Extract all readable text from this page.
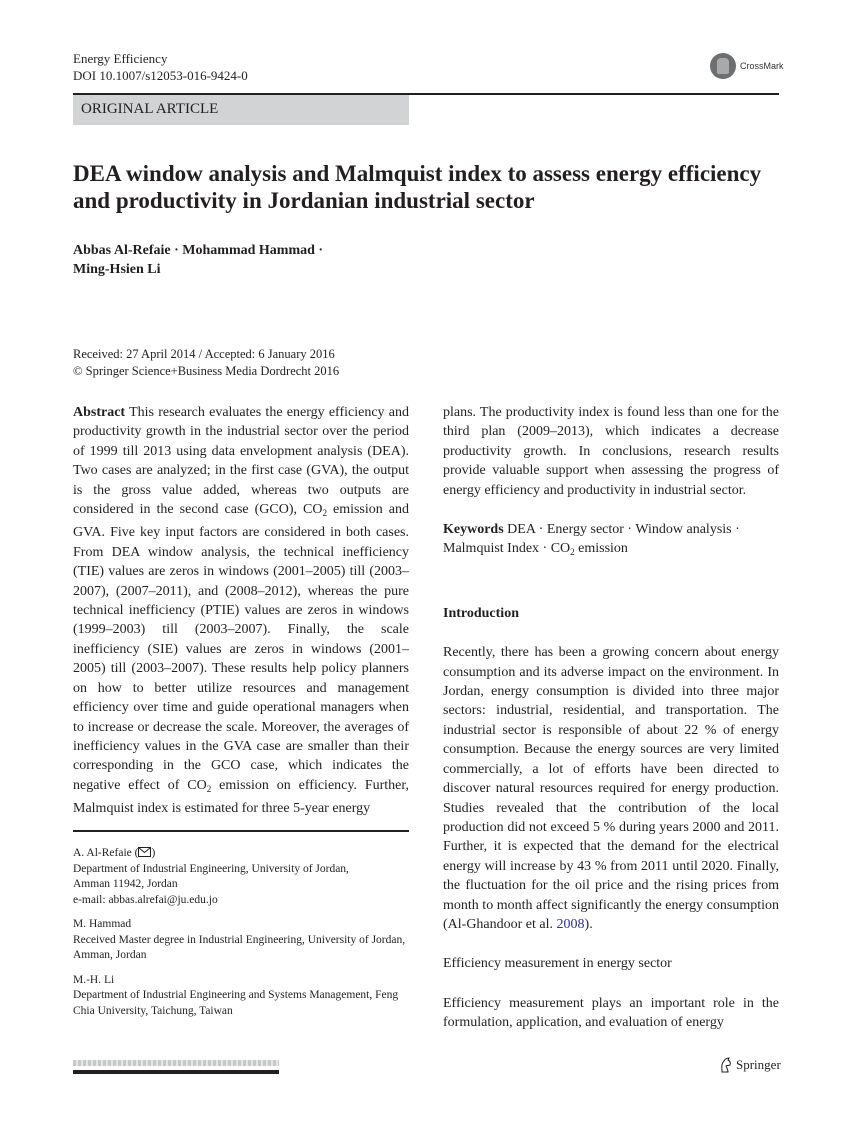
Energy Efficiency
DOI 10.1007/s12053-016-9424-0
CrossMark
ORIGINAL ARTICLE
DEA window analysis and Malmquist index to assess energy efficiency and productivity in Jordanian industrial sector
Abbas Al-Refaie · Mohammad Hammad ·
Ming-Hsien Li
Received: 27 April 2014 / Accepted: 6 January 2016
© Springer Science+Business Media Dordrecht 2016

Abstract This research evaluates the energy efficiency and productivity growth in the industrial sector over the period of 1999 till 2013 using data envelopment analysis (DEA). Two cases are analyzed; in the first case (GVA), the output is the gross value added, whereas two outputs are considered in the second case (GCO), $CO_2$ emission and GVA. Five key input factors are considered in both cases. From DEA window analysis, the technical inefficiency (TIE) values are zeros in windows (2001–2005) till (2003–2007), (2007–2011), and (2008–2012), whereas the pure technical inefficiency (PTIE) values are zeros in windows (1999–2003) till (2003–2007). Finally, the scale inefficiency (SIE) values are zeros in windows (2001–2005) till (2003–2007). These results help policy planners on how to better utilize resources and management efficiency over time and guide operational managers when to increase or decrease the scale. Moreover, the averages of inefficiency values in the GVA case are smaller than their corresponding in the GCO case, which indicates the negative effect of $CO_2$ emission on efficiency. Further, Malmquist index is estimated for three 5-year energy

A. Al-Refaie ( )
Department of Industrial Engineering, University of Jordan,
Amman 11942, Jordan
e-mail: abbas.alrefai@ju.edu.jo
M. Hammad
Received Master degree in Industrial Engineering, University of Jordan, Amman, Jordan
M.-H. Li
Department of Industrial Engineering and Systems Management, Feng Chia University, Taichung, Taiwan

plans. The productivity index is found less than one for the third plan (2009–2013), which indicates a decrease productivity growth. In conclusions, research results provide valuable support when assessing the progress of energy efficiency and productivity in industrial sector.

Keywords DEA · Energy sector · Window analysis · Malmquist Index · $CO_2$ emission

Introduction

Recently, there has been a growing concern about energy consumption and its adverse impact on the environment. In Jordan, energy consumption is divided into three major sectors: industrial, residential, and transportation. The industrial sector is responsible of about 22 % of energy consumption. Because the energy sources are very limited commercially, a lot of efforts have been directed to discover natural resources required for energy production. Studies revealed that the contribution of the local production did not exceed 5 % during years 2000 and 2011. Further, it is expected that the demand for the electrical energy will increase by 43 % from 2011 until 2020. Finally, the fluctuation for the oil price and the rising prices from month to month affect significantly the energy consumption (Al-Ghandoor et al. 2008).

Efficiency measurement in energy sector

Efficiency measurement plays an important role in the formulation, application, and evaluation of energy

Springer
